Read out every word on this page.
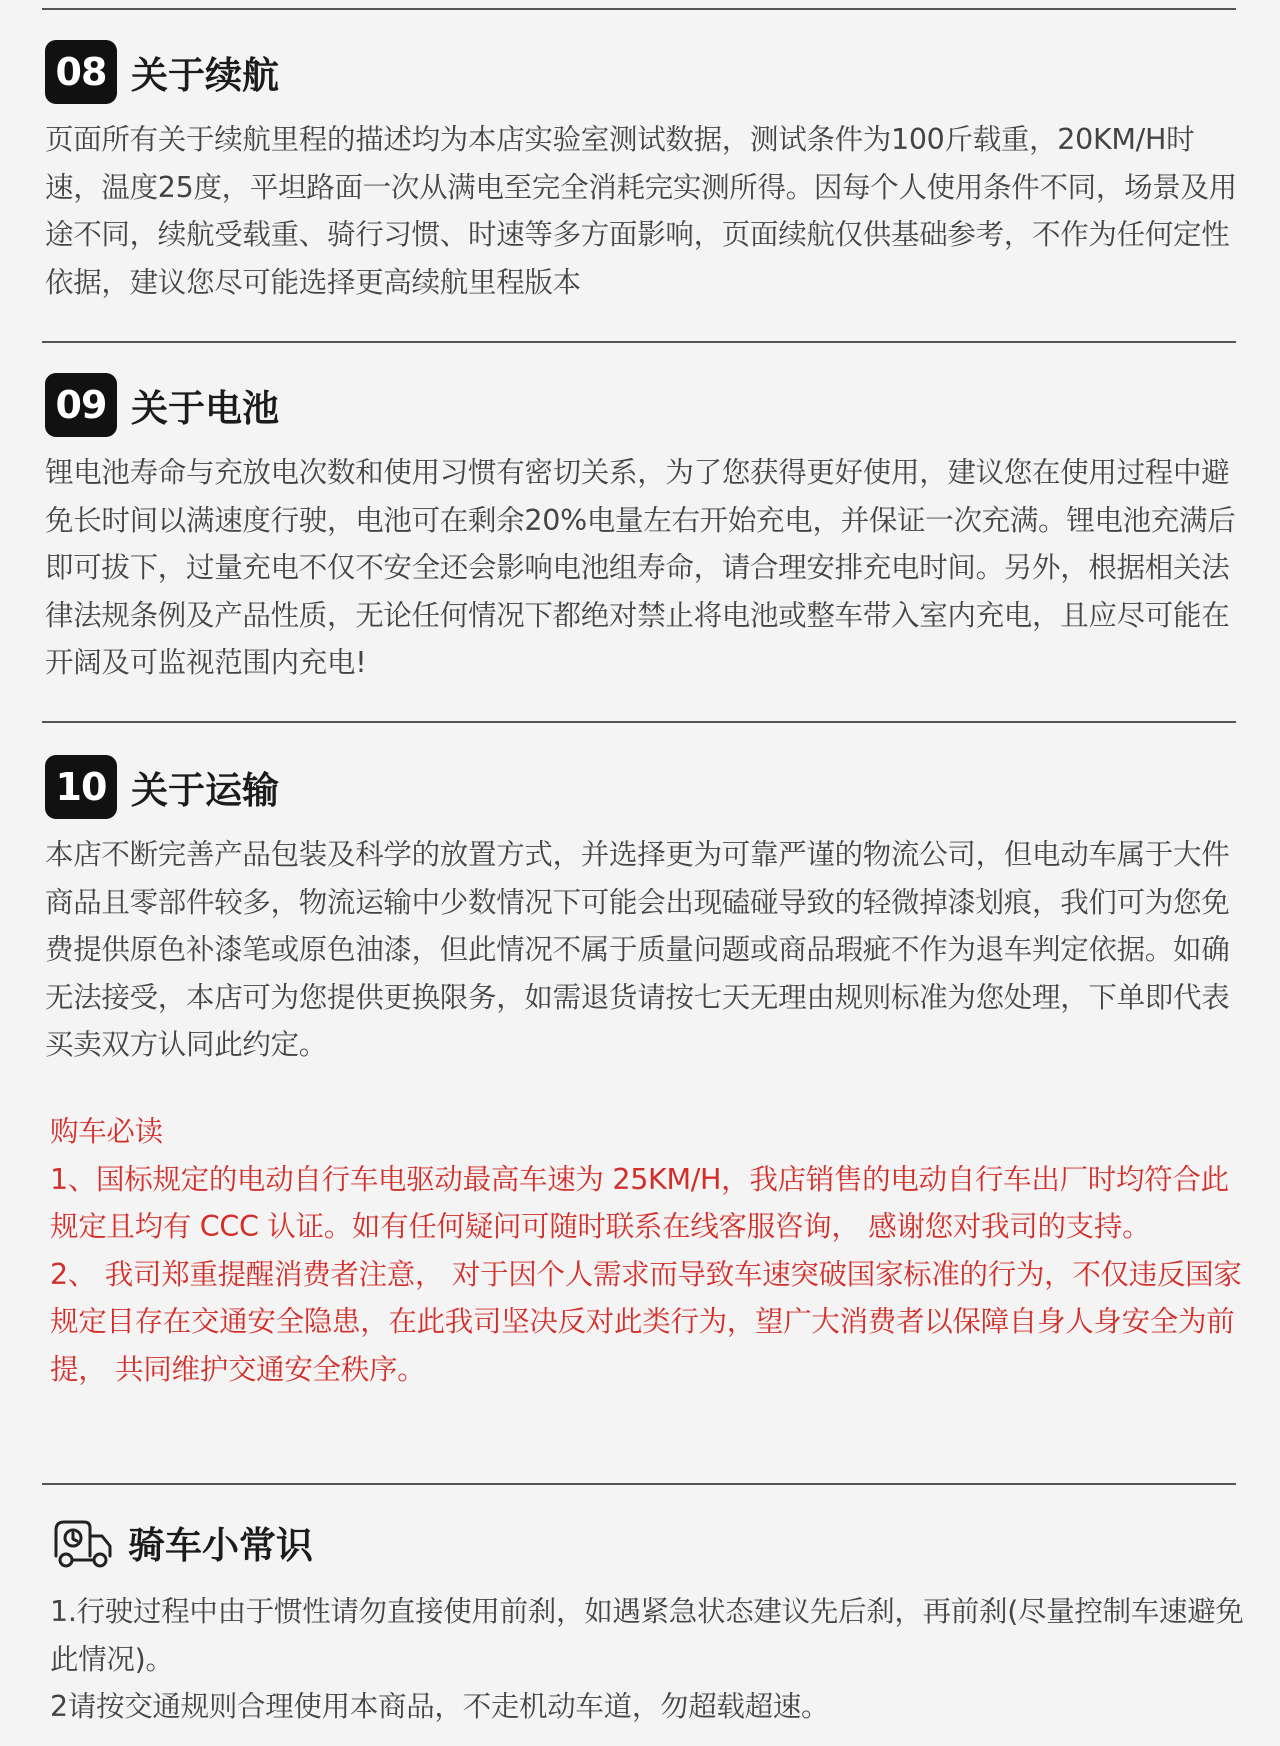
08 关于续航

页面所有关于续航里程的描述均为本店实验室测试数据，测试条件为100斤载重，20KM/H时速，温度25度，平坦路面一次从满电至完全消耗完实测所得。因每个人使用条件不同，场景及用途不同，续航受载重、骑行习惯、时速等多方面影响，页面续航仅供基础参考，不作为任何定性依据，建议您尽可能选择更高续航里程版本

09 关于电池

锂电池寿命与充放电次数和使用习惯有密切关系，为了您获得更好使用，建议您在使用过程中避免长时间以满速度行驶，电池可在剩余20%电量左右开始充电，并保证一次充满。锂电池充满后即可拔下，过量充电不仅不安全还会影响电池组寿命，请合理安排充电时间。另外，根据相关法律法规条例及产品性质，无论任何情况下都绝对禁止将电池或整车带入室内充电，且应尽可能在开阔及可监视范围内充电!

10 关于运输

本店不断完善产品包装及科学的放置方式，并选择更为可靠严谨的物流公司，但电动车属于大件商品且零部件较多，物流运输中少数情况下可能会出现磕碰导致的轻微掉漆划痕，我们可为您免费提供原色补漆笔或原色油漆，但此情况不属于质量问题或商品瑕疵不作为退车判定依据。如确无法接受，本店可为您提供更换限务，如需退货请按七天无理由规则标准为您处理，下单即代表买卖双方认同此约定。

购车必读

1、国标规定的电动自行车电驱动最高车速为 25KM/H，我店销售的电动自行车出厂时均符合此规定且均有 CCC 认证。如有任何疑问可随时联系在线客服咨询， 感谢您对我司的支持。

2、 我司郑重提醒消费者注意， 对于因个人需求而导致车速突破国家标准的行为，不仅违反国家规定目存在交通安全隐患，在此我司坚决反对此类行为，望广大消费者以保障自身人身安全为前提， 共同维护交通安全秩序。

骑车小常识

1.行驶过程中由于惯性请勿直接使用前刹，如遇紧急状态建议先后刹，再前刹(尽量控制车速避免此情况)。

2请按交通规则合理使用本商品，不走机动车道，勿超载超速。
